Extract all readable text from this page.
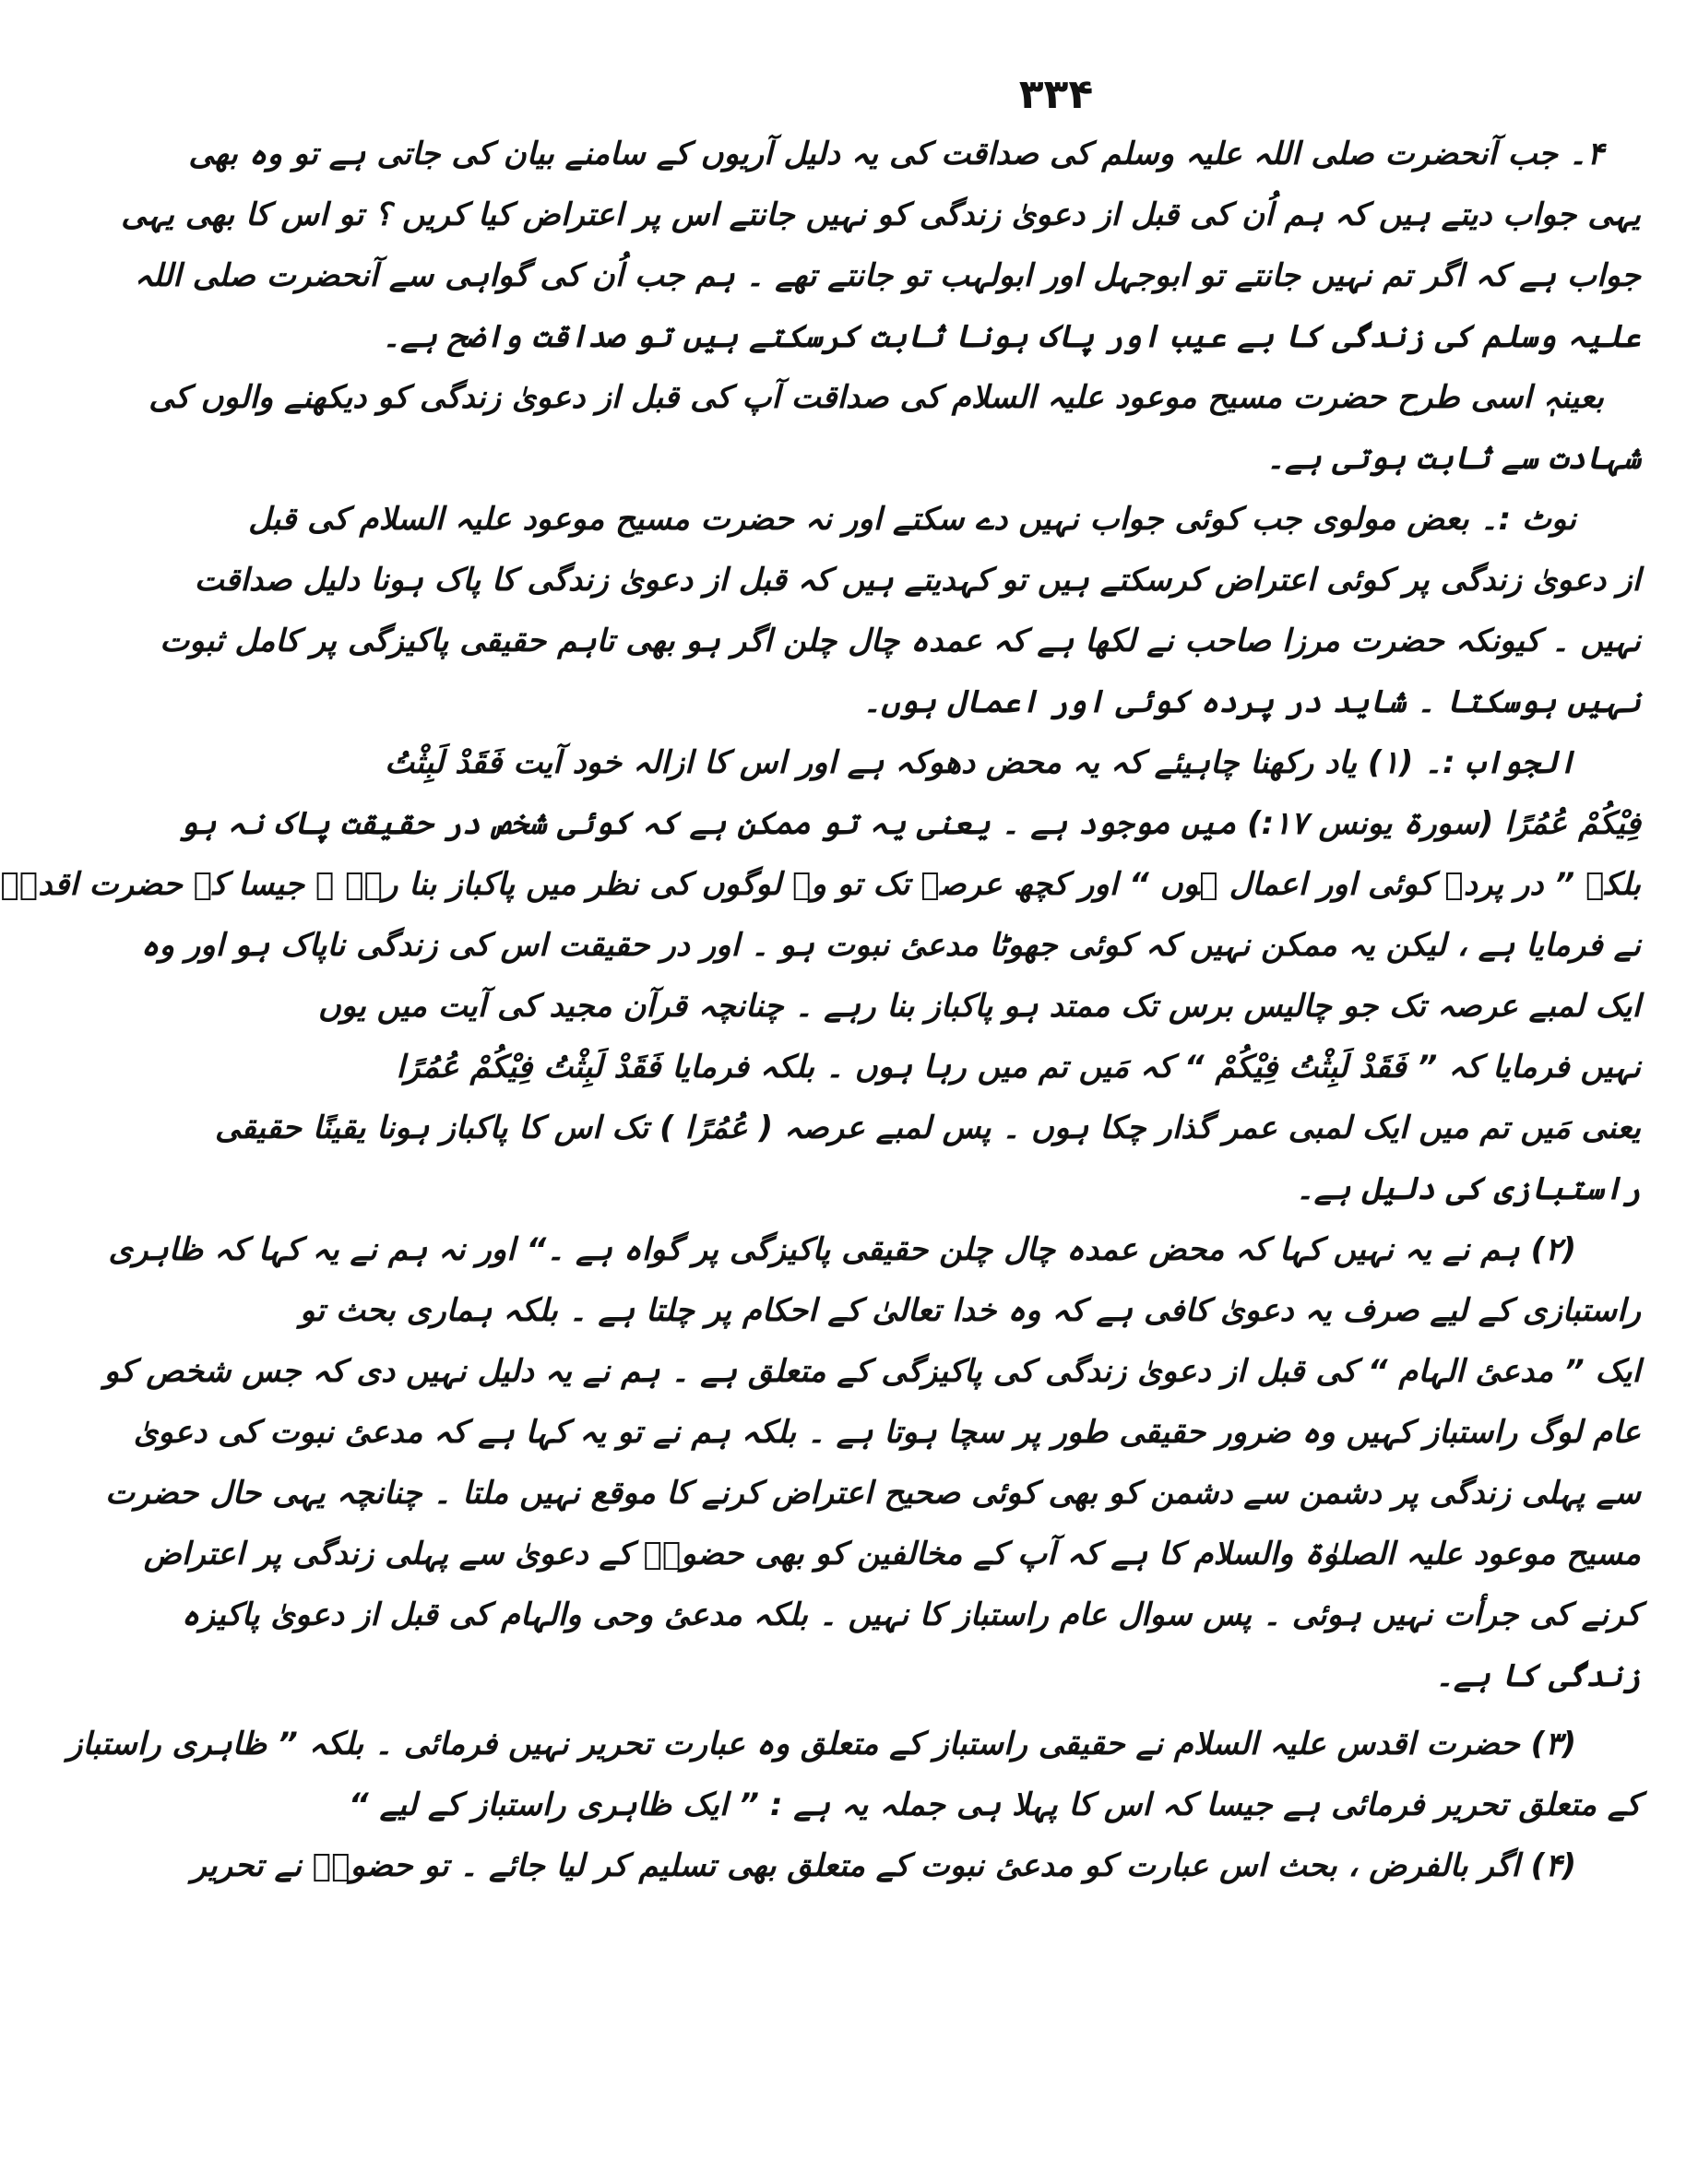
۳۳۴
۴۔ جب آنحضرت صلی اللہ علیہ وسلم کی صداقت کی یہ دلیل آریوں کے سامنے بیان کی جاتی ہے تو وہ بھی
یہی جواب دیتے ہیں کہ ہم اُن کی قبل از دعویٰ زندگی کو نہیں جانتے اس پر اعتراض کیا کریں ؟ تو اس کا بھی یہی
جواب ہے کہ اگر تم نہیں جانتے تو ابوجہل اور ابولہب تو جانتے تھے ۔ ہم جب اُن کی گواہی سے آنحضرت صلی اللہ
علیہ وسلم کی زندگی کا بے عیب اور پاک ہونا ثابت کرسکتے ہیں تو صداقت واضح ہے۔
بعینہٖ اسی طرح حضرت مسیح موعود علیہ السلام کی صداقت آپ کی قبل از دعویٰ زندگی کو دیکھنے والوں کی
شہادت سے ثابت ہوتی ہے۔
نوٹ :۔ بعض مولوی جب کوئی جواب نہیں دے سکتے اور نہ حضرت مسیح موعود علیہ السلام کی قبل
از دعویٰ زندگی پر کوئی اعتراض کرسکتے ہیں تو کہدیتے ہیں کہ قبل از دعویٰ زندگی کا پاک ہونا دلیل صداقت
نہیں ۔ کیونکہ حضرت مرزا صاحب نے لکھا ہے کہ عمدہ چال چلن اگر ہو بھی تاہم حقیقی پاکیزگی پر کامل ثبوت
نہیں ہوسکتا ۔ شاید در پردہ کوئی اور اعمال ہوں۔
الجواب :۔ (۱) یاد رکھنا چاہیئے کہ یہ محض دھوکہ ہے اور اس کا ازالہ خود آیت فَقَدْ لَبِثْتُ
فِیْکُمْ عُمُرًا (سورۃ یونس ۱۷:) میں موجود ہے ۔ یعنی یہ تو ممکن ہے کہ کوئی شخص در حقیقت پاک نہ ہو
بلکہ ” در پردہ کوئی اور اعمال ہوں “ اور کچھ عرصہ تک تو وہ لوگوں کی نظر میں پاکباز بنا رہے ۔ جیسا کہ حضرت اقدسؑ
نے فرمایا ہے ، لیکن یہ ممکن نہیں کہ کوئی جھوٹا مدعیٔ نبوت ہو ۔ اور در حقیقت اس کی زندگی ناپاک ہو اور وہ
ایک لمبے عرصہ تک جو چالیس برس تک ممتد ہو پاکباز بنا رہے ۔ چنانچہ قرآن مجید کی آیت میں یوں
نہیں فرمایا کہ ” فَقَدْ لَبِثْتُ فِیْکُمْ “ کہ مَیں تم میں رہا ہوں ۔ بلکہ فرمایا فَقَدْ لَبِثْتُ فِیْکُمْ عُمُرًا
یعنی مَیں تم میں ایک لمبی عمر گذار چکا ہوں ۔ پس لمبے عرصہ ( عُمُرًا ) تک اس کا پاکباز ہونا یقینًا حقیقی
راستبازی کی دلیل ہے۔
(۲) ہم نے یہ نہیں کہا کہ محض عمدہ چال چلن حقیقی پاکیزگی پر گواہ ہے ۔“ اور نہ ہم نے یہ کہا کہ ظاہری
راستبازی کے لیے صرف یہ دعویٰ کافی ہے کہ وہ خدا تعالیٰ کے احکام پر چلتا ہے ۔ بلکہ ہماری بحث تو
ایک ” مدعیٔ الہام “ کی قبل از دعویٰ زندگی کی پاکیزگی کے متعلق ہے ۔ ہم نے یہ دلیل نہیں دی کہ جس شخص کو
عام لوگ راستباز کہیں وہ ضرور حقیقی طور پر سچا ہوتا ہے ۔ بلکہ ہم نے تو یہ کہا ہے کہ مدعیٔ نبوت کی دعویٰ
سے پہلی زندگی پر دشمن سے دشمن کو بھی کوئی صحیح اعتراض کرنے کا موقع نہیں ملتا ۔ چنانچہ یہی حال حضرت
مسیح موعود علیہ الصلوٰۃ والسلام کا ہے کہ آپ کے مخالفین کو بھی حضورؑ کے دعویٰ سے پہلی زندگی پر اعتراض
کرنے کی جرأت نہیں ہوئی ۔ پس سوال عام راستباز کا نہیں ۔ بلکہ مدعیٔ وحی والہام کی قبل از دعویٰ پاکیزہ
زندگی کا ہے۔
(۳) حضرت اقدس علیہ السلام نے حقیقی راستباز کے متعلق وہ عبارت تحریر نہیں فرمائی ۔ بلکہ ” ظاہری راستباز
کے متعلق تحریر فرمائی ہے جیسا کہ اس کا پہلا ہی جملہ یہ ہے : ” ایک ظاہری راستباز کے لیے “
(۴) اگر بالفرض ، بحث اس عبارت کو مدعیٔ نبوت کے متعلق بھی تسلیم کر لیا جائے ۔ تو حضورؑ نے تحریر
